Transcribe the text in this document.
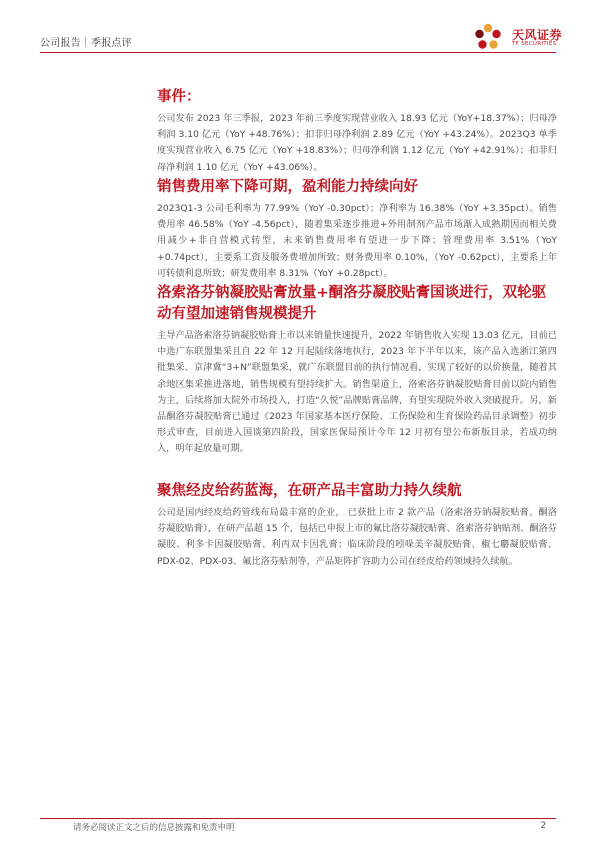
公司报告｜季报点评
天风证券
TF SECURITIES
事件：

公司发布 2023 年三季报，2023 年前三季度实现营业收入 18.93 亿元（YoY+18.37%）；归母净利润 3.10 亿元（YoY +48.76%）；扣非归母净利润 2.89 亿元（YoY +43.24%）。2023Q3 单季度实现营业收入 6.75 亿元（YoY +18.83%）；归母净利润 1.12 亿元（YoY +42.91%）；扣非归母净利润 1.10 亿元（YoY +43.06%）。

销售费用率下降可期，盈利能力持续向好

2023Q1-3 公司毛利率为 77.99%（YoY -0.30pct）；净利率为 16.38%（YoY +3.35pct）。销售费用率 46.58%（YoY -4.56pct），随着集采逐步推进+外用制剂产品市场渐入成熟期因而相关费用减少+非自营模式转型，未来销售费用率有望进一步下降；管理费用率 3.51%（YoY +0.74pct），主要系工资及服务费增加所致；财务费用率 0.10%，（YoY -0.62pct），主要系上年可转债利息所致；研发费用率 8.31%（YoY +0.28pct）。

洛索洛芬钠凝胶贴膏放量+酮洛芬凝胶贴膏国谈进行，双轮驱动有望加速销售规模提升

主导产品洛索洛芬钠凝胶贴膏上市以来销量快速提升，2022 年销售收入实现 13.03 亿元，目前已中选广东联盟集采且自 22 年 12 月起陆续落地执行，2023 年下半年以来，该产品入选浙江第四批集采、京津冀“3+N”联盟集采，就广东联盟目前的执行情况看，实现了较好的以价换量，随着其余地区集采推进落地，销售规模有望持续扩大。销售渠道上，洛索洛芬钠凝胶贴膏目前以院内销售为主，后续将加大院外市场投入，打造“久悦”品牌贴膏品牌，有望实现院外收入突破提升。另，新品酮洛芬凝胶贴膏已通过《2023 年国家基本医疗保险、工伤保险和生育保险药品目录调整》初步形式审查，目前进入国谈第四阶段，国家医保局预计今年 12 月初有望公布新版目录，若成功纳入，明年起放量可期。

聚焦经皮给药蓝海，在研产品丰富助力持久续航

公司是国内经皮给药管线布局最丰富的企业， 已获批上市 2 款产品（洛索洛芬钠凝胶贴膏、酮洛芬凝胶贴膏），在研产品超 15 个，包括已申报上市的氟比洛芬凝胶贴膏、洛索洛芬钠贴剂、酮洛芬凝胶、利多卡因凝胶贴膏、利丙双卡因乳膏；临床阶段的吲哚美辛凝胶贴膏、椒七麝凝胶贴膏、PDX-02、PDX-03、氟比洛芬贴剂等，产品矩阵扩容助力公司在经皮给药领域持久续航。

请务必阅读正文之后的信息披露和免责申明	2
